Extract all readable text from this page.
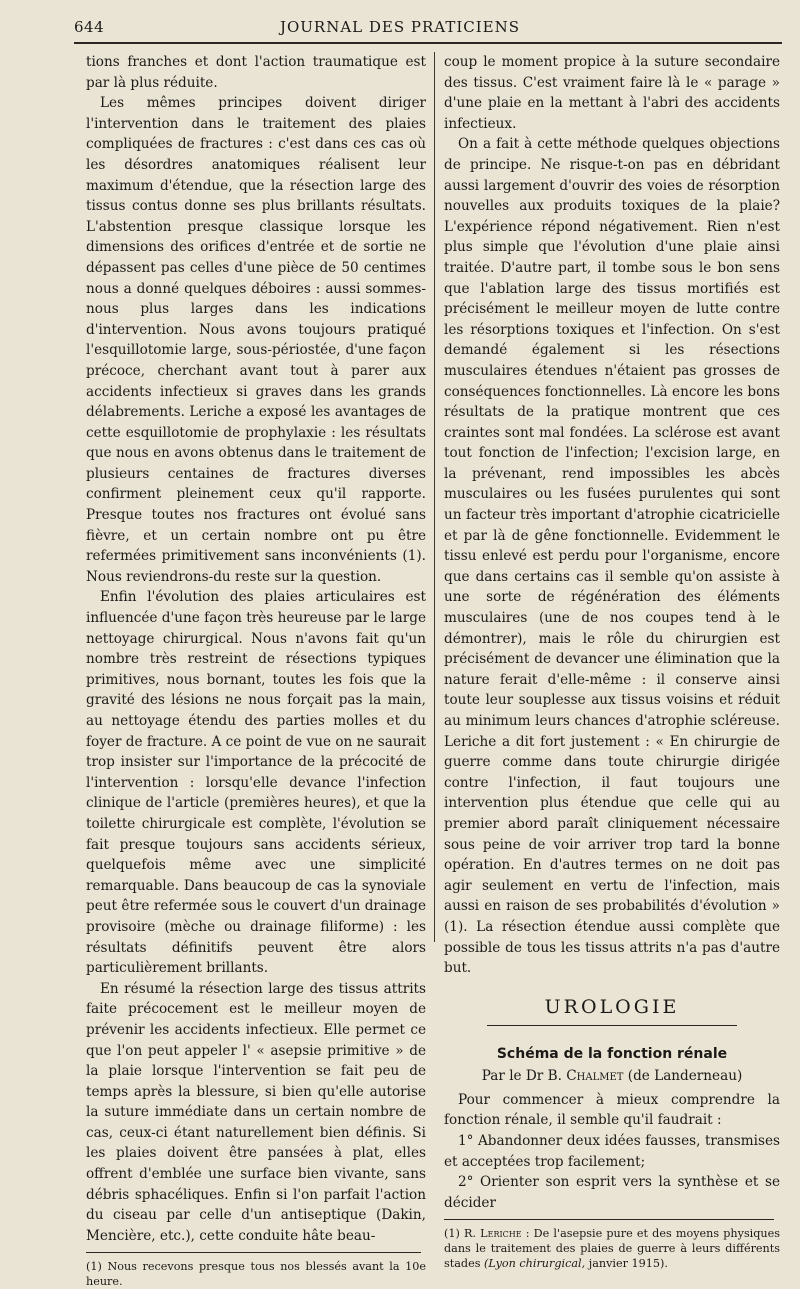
644	JOURNAL DES PRATICIENS

tions franches et dont l'action traumatique est par là plus réduite.

Les mêmes principes doivent diriger l'intervention dans le traitement des plaies compliquées de fractures : c'est dans ces cas où les désordres anatomiques réalisent leur maximum d'étendue, que la résection large des tissus contus donne ses plus brillants résultats. L'abstention presque classique lorsque les dimensions des orifices d'entrée et de sortie ne dépassent pas celles d'une pièce de 50 centimes nous a donné quelques déboires : aussi sommes-nous plus larges dans les indications d'intervention. Nous avons toujours pratiqué l'esquillotomie large, sous-périostée, d'une façon précoce, cherchant avant tout à parer aux accidents infectieux si graves dans les grands délabrements. Leriche a exposé les avantages de cette esquillotomie de prophylaxie : les résultats que nous en avons obtenus dans le traitement de plusieurs centaines de fractures diverses confirment pleinement ceux qu'il rapporte. Presque toutes nos fractures ont évolué sans fièvre, et un certain nombre ont pu être refermées primitivement sans inconvénients (1). Nous reviendrons-du reste sur la question.

Enfin l'évolution des plaies articulaires est influencée d'une façon très heureuse par le large nettoyage chirurgical. Nous n'avons fait qu'un nombre très restreint de résections typiques primitives, nous bornant, toutes les fois que la gravité des lésions ne nous forçait pas la main, au nettoyage étendu des parties molles et du foyer de fracture. A ce point de vue on ne saurait trop insister sur l'importance de la précocité de l'intervention : lorsqu'elle devance l'infection clinique de l'article (premières heures), et que la toilette chirurgicale est complète, l'évolution se fait presque toujours sans accidents sérieux, quelquefois même avec une simplicité remarquable. Dans beaucoup de cas la synoviale peut être refermée sous le couvert d'un drainage provisoire (mèche ou drainage filiforme) : les résultats définitifs peuvent être alors particulièrement brillants.

En résumé la résection large des tissus attrits faite précocement est le meilleur moyen de prévenir les accidents infectieux. Elle permet ce que l'on peut appeler l' « asepsie primitive » de la plaie lorsque l'intervention se fait peu de temps après la blessure, si bien qu'elle autorise la suture immédiate dans un certain nombre de cas, ceux-ci étant naturellement bien définis. Si les plaies doivent être pansées à plat, elles offrent d'emblée une surface bien vivante, sans débris sphacéliques. Enfin si l'on parfait l'action du ciseau par celle d'un antiseptique (Dakin, Mencière, etc.), cette conduite hâte beau-

(1) Nous recevons presque tous nos blessés avant la 10e heure.

coup le moment propice à la suture secondaire des tissus. C'est vraiment faire là le « parage » d'une plaie en la mettant à l'abri des accidents infectieux.

On a fait à cette méthode quelques objections de principe. Ne risque-t-on pas en débridant aussi largement d'ouvrir des voies de résorption nouvelles aux produits toxiques de la plaie? L'expérience répond négativement. Rien n'est plus simple que l'évolution d'une plaie ainsi traitée. D'autre part, il tombe sous le bon sens que l'ablation large des tissus mortifiés est précisément le meilleur moyen de lutte contre les résorptions toxiques et l'infection. On s'est demandé également si les résections musculaires étendues n'étaient pas grosses de conséquences fonctionnelles. Là encore les bons résultats de la pratique montrent que ces craintes sont mal fondées. La sclérose est avant tout fonction de l'infection; l'excision large, en la prévenant, rend impossibles les abcès musculaires ou les fusées purulentes qui sont un facteur très important d'atrophie cicatricielle et par là de gêne fonctionnelle. Evidemment le tissu enlevé est perdu pour l'organisme, encore que dans certains cas il semble qu'on assiste à une sorte de régénération des éléments musculaires (une de nos coupes tend à le démontrer), mais le rôle du chirurgien est précisément de devancer une élimination que la nature ferait d'elle-même : il conserve ainsi toute leur souplesse aux tissus voisins et réduit au minimum leurs chances d'atrophie scléreuse. Leriche a dit fort justement : « En chirurgie de guerre comme dans toute chirurgie dirigée contre l'infection, il faut toujours une intervention plus étendue que celle qui au premier abord paraît cliniquement nécessaire sous peine de voir arriver trop tard la bonne opération. En d'autres termes on ne doit pas agir seulement en vertu de l'infection, mais aussi en raison de ses probabilités d'évolution » (1). La résection étendue aussi complète que possible de tous les tissus attrits n'a pas d'autre but.

UROLOGIE
Schéma de la fonction rénale
Par le Dr B. Chalmet (de Landerneau)

Pour commencer à mieux comprendre la fonction rénale, il semble qu'il faudrait :

1° Abandonner deux idées fausses, transmises et acceptées trop facilement;

2° Orienter son esprit vers la synthèse et se décider

(1) R. Leriche : De l'asepsie pure et des moyens physiques dans le traitement des plaies de guerre à leurs différents stades (Lyon chirurgical, janvier 1915).
